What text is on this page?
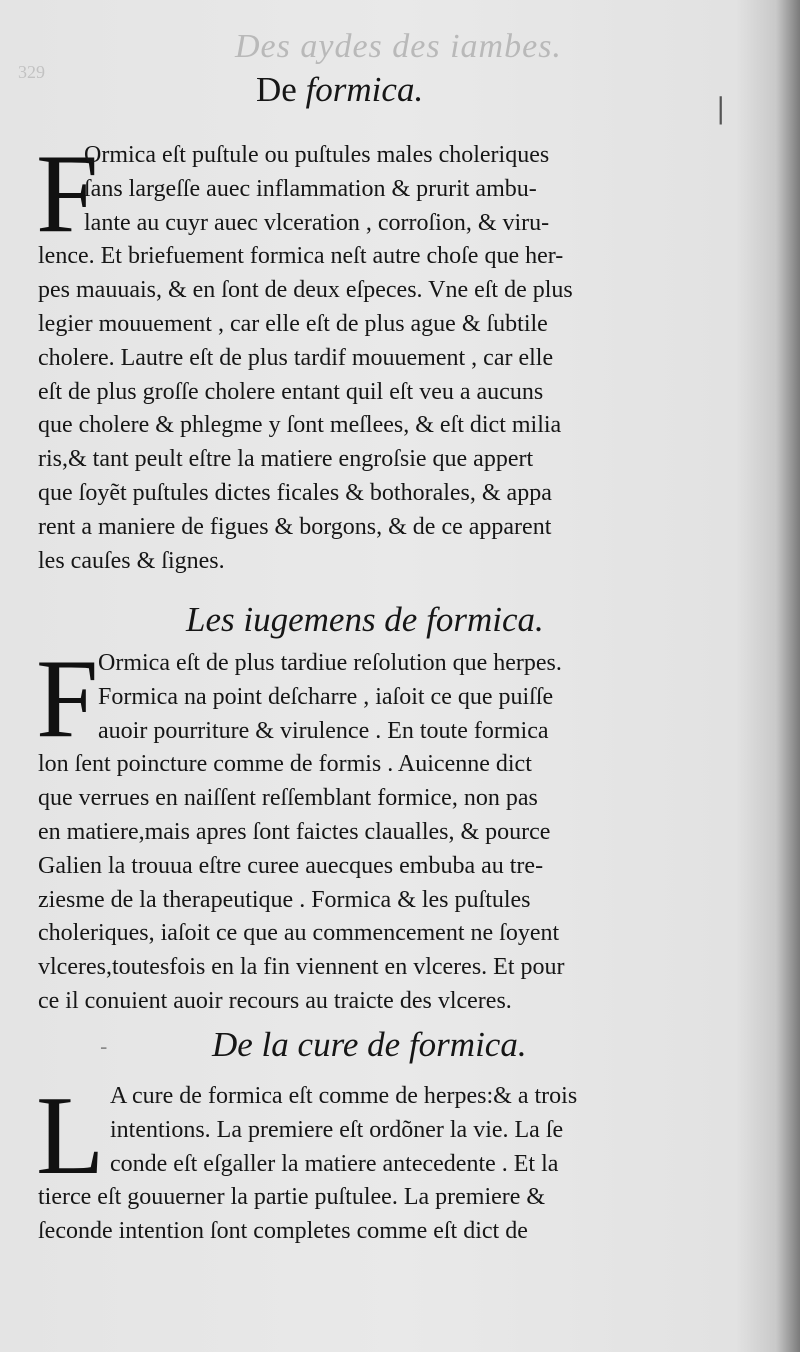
Des aydes des iambes.
329
|
De formica.
F
Ormica eſt puſtule ou puſtules males choleriques
ſans largeſſe auec inflammation & prurit ambu-
lante au cuyr auec vlceration , corroſion, & viru-
lence. Et briefuement formica neſt autre choſe que her-
pes mauuais, & en ſont de deux eſpeces. Vne eſt de plus
legier mouuement , car elle eſt de plus ague & ſubtile
cholere. Lautre eſt de plus tardif mouuement , car elle
eſt de plus groſſe cholere entant quil eſt veu a aucuns
que cholere & phlegme y ſont meſlees, & eſt dict milia
ris,& tant peult eſtre la matiere engroſsie que appert
que ſoyẽt puſtules dictes ficales & bothorales, & appa
rent a maniere de figues & borgons, & de ce apparent
les cauſes & ſignes.
Les iugemens de formica.
F Ormica eſt de plus tardiue reſolution que herpes.
Formica na point deſcharre , iaſoit ce que puiſſe
auoir pourriture & virulence . En toute formica
lon ſent poincture comme de formis . Auicenne dict
que verrues en naiſſent reſſemblant formice, non pas
en matiere,mais apres ſont faictes claualles, & pource
Galien la trouua eſtre curee auecques embuba au tre-
ziesme de la therapeutique . Formica & les puſtules
choleriques, iaſoit ce que au commencement ne ſoyent
vlceres,toutesfois en la fin viennent en vlceres. Et pour
ce il conuient auoir recours au traicte des vlceres.
-	De la cure de formica.
L A cure de formica eſt comme de herpes:& a trois
intentions. La premiere eſt ordõner la vie. La ſe
conde eſt eſgaller la matiere antecedente . Et la
tierce eſt gouuerner la partie puſtulee. La premiere &
ſeconde intention ſont completes comme eſt dict de
